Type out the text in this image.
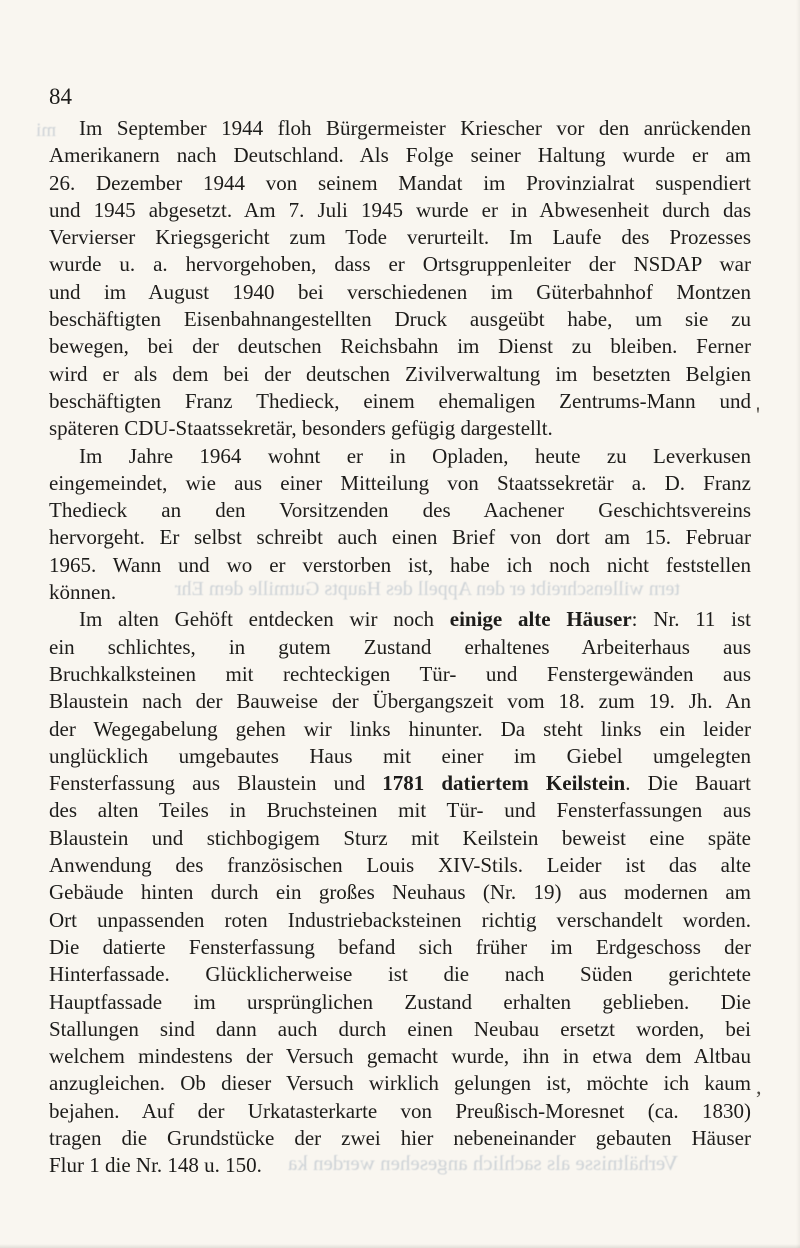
84
Im September 1944 floh Bürgermeister Kriescher vor den anrückenden
Amerikanern nach Deutschland. Als Folge seiner Haltung wurde er am
26. Dezember 1944 von seinem Mandat im Provinzialrat suspendiert
und 1945 abgesetzt. Am 7. Juli 1945 wurde er in Abwesenheit durch das
Vervierser Kriegsgericht zum Tode verurteilt. Im Laufe des Prozesses
wurde u. a. hervorgehoben, dass er Ortsgruppenleiter der NSDAP war
und im August 1940 bei verschiedenen im Güterbahnhof Montzen
beschäftigten Eisenbahnangestellten Druck ausgeübt habe, um sie zu
bewegen, bei der deutschen Reichsbahn im Dienst zu bleiben. Ferner
wird er als dem bei der deutschen Zivilverwaltung im besetzten Belgien
beschäftigten Franz Thedieck, einem ehemaligen Zentrums-Mann und
späteren CDU-Staatssekretär, besonders gefügig dargestellt.
Im Jahre 1964 wohnt er in Opladen, heute zu Leverkusen
eingemeindet, wie aus einer Mitteilung von Staatssekretär a. D. Franz
Thedieck an den Vorsitzenden des Aachener Geschichtsvereins
hervorgeht. Er selbst schreibt auch einen Brief von dort am 15. Februar
1965. Wann und wo er verstorben ist, habe ich noch nicht feststellen
können.
Im alten Gehöft entdecken wir noch einige alte Häuser: Nr. 11 ist
ein schlichtes, in gutem Zustand erhaltenes Arbeiterhaus aus
Bruchkalksteinen mit rechteckigen Tür- und Fenstergewänden aus
Blaustein nach der Bauweise der Übergangszeit vom 18. zum 19. Jh. An
der Wegegabelung gehen wir links hinunter. Da steht links ein leider
unglücklich umgebautes Haus mit einer im Giebel umgelegten
Fensterfassung aus Blaustein und 1781 datiertem Keilstein. Die Bauart
des alten Teiles in Bruchsteinen mit Tür- und Fensterfassungen aus
Blaustein und stichbogigem Sturz mit Keilstein beweist eine späte
Anwendung des französischen Louis XIV-Stils. Leider ist das alte
Gebäude hinten durch ein großes Neuhaus (Nr. 19) aus modernen am
Ort unpassenden roten Industriebacksteinen richtig verschandelt worden.
Die datierte Fensterfassung befand sich früher im Erdgeschoss der
Hinterfassade. Glücklicherweise ist die nach Süden gerichtete
Hauptfassade im ursprünglichen Zustand erhalten geblieben. Die
Stallungen sind dann auch durch einen Neubau ersetzt worden, bei
welchem mindestens der Versuch gemacht wurde, ihn in etwa dem Altbau
anzugleichen. Ob dieser Versuch wirklich gelungen ist, möchte ich kaum
bejahen. Auf der Urkatasterkarte von Preußisch-Moresnet (ca. 1830)
tragen die Grundstücke der zwei hier nebeneinander gebauten Häuser
Flur 1 die Nr. 148 u. 150.
mi
tern willenschreibt er den Appell des Haupts Gutmille dem Ehr
Verhältnisse als sachlich angesehen werden ka
'
,
